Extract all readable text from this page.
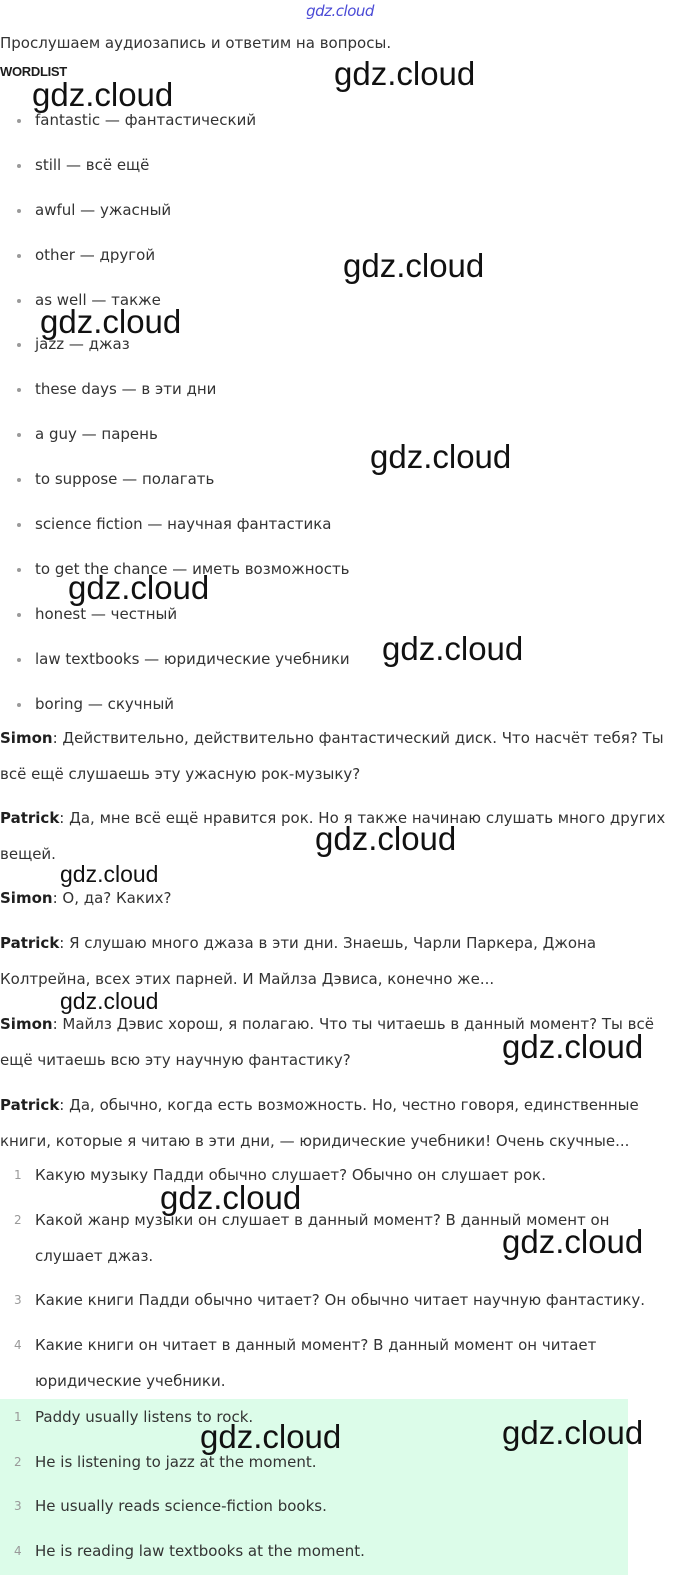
gdz.cloud
Прослушаем аудиозапись и ответим на вопросы.
WORDLIST
fantastic — фантастический
still — всё ещё
awful — ужасный
other — другой
as well — также
jazz — джаз
these days — в эти дни
a guy — парень
to suppose — полагать
science fiction — научная фантастика
to get the chance — иметь возможность
honest — честный
law textbooks — юридические учебники
boring — скучный
Simon: Действительно, действительно фантастический диск. Что насчёт тебя? Ты всё ещё слушаешь эту ужасную рок-музыку?
Patrick: Да, мне всё ещё нравится рок. Но я также начинаю слушать много других вещей.
Simon: О, да? Каких?
Patrick: Я слушаю много джаза в эти дни. Знаешь, Чарли Паркера, Джона Колтрейна, всех этих парней. И Майлза Дэвиса, конечно же...
Simon: Майлз Дэвис хорош, я полагаю. Что ты читаешь в данный момент? Ты всё ещё читаешь всю эту научную фантастику?
Patrick: Да, обычно, когда есть возможность. Но, честно говоря, единственные книги, которые я читаю в эти дни, — юридические учебники! Очень скучные...
1 Какую музыку Падди обычно слушает? Обычно он слушает рок.
2 Какой жанр музыки он слушает в данный момент? В данный момент он слушает джаз.
3 Какие книги Падди обычно читает? Он обычно читает научную фантастику.
4 Какие книги он читает в данный момент? В данный момент он читает юридические учебники.
1 Paddy usually listens to rock.
2 He is listening to jazz at the moment.
3 He usually reads science-fiction books.
4 He is reading law textbooks at the moment.
gdz.cloud
gdz.cloud
gdz.cloud
gdz.cloud
gdz.cloud
gdz.cloud
gdz.cloud
gdz.cloud
gdz.cloud
gdz.cloud
gdz.cloud
gdz.cloud
gdz.cloud
gdz.cloud	gdz.cloud
